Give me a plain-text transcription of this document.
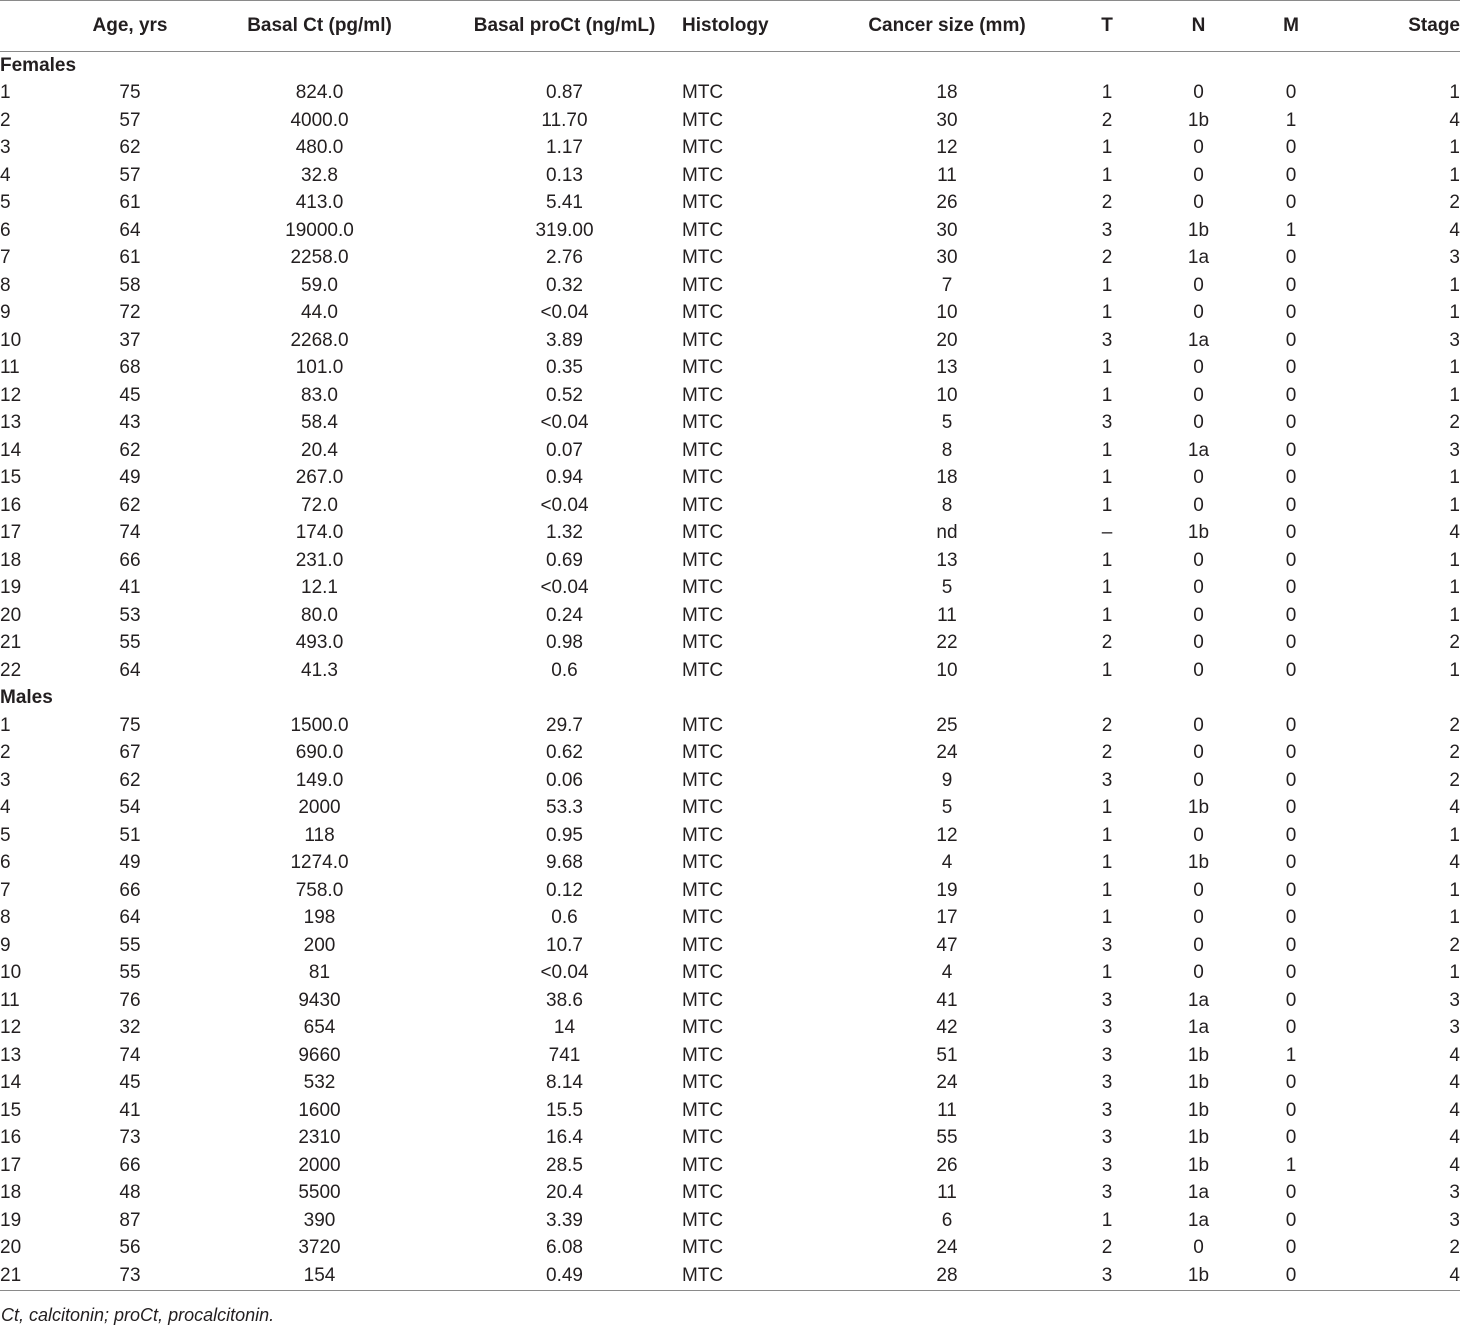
	Age, yrs	Basal Ct (pg/ml)	Basal proCt (ng/mL)	Histology	Cancer size (mm)	T	N	M	Stage
Females									
1	75	824.0	0.87	MTC	18	1	0	0	1
2	57	4000.0	11.70	MTC	30	2	1b	1	4
3	62	480.0	1.17	MTC	12	1	0	0	1
4	57	32.8	0.13	MTC	11	1	0	0	1
5	61	413.0	5.41	MTC	26	2	0	0	2
6	64	19000.0	319.00	MTC	30	3	1b	1	4
7	61	2258.0	2.76	MTC	30	2	1a	0	3
8	58	59.0	0.32	MTC	7	1	0	0	1
9	72	44.0	<0.04	MTC	10	1	0	0	1
10	37	2268.0	3.89	MTC	20	3	1a	0	3
11	68	101.0	0.35	MTC	13	1	0	0	1
12	45	83.0	0.52	MTC	10	1	0	0	1
13	43	58.4	<0.04	MTC	5	3	0	0	2
14	62	20.4	0.07	MTC	8	1	1a	0	3
15	49	267.0	0.94	MTC	18	1	0	0	1
16	62	72.0	<0.04	MTC	8	1	0	0	1
17	74	174.0	1.32	MTC	nd	–	1b	0	4
18	66	231.0	0.69	MTC	13	1	0	0	1
19	41	12.1	<0.04	MTC	5	1	0	0	1
20	53	80.0	0.24	MTC	11	1	0	0	1
21	55	493.0	0.98	MTC	22	2	0	0	2
22	64	41.3	0.6	MTC	10	1	0	0	1
Males									
1	75	1500.0	29.7	MTC	25	2	0	0	2
2	67	690.0	0.62	MTC	24	2	0	0	2
3	62	149.0	0.06	MTC	9	3	0	0	2
4	54	2000	53.3	MTC	5	1	1b	0	4
5	51	118	0.95	MTC	12	1	0	0	1
6	49	1274.0	9.68	MTC	4	1	1b	0	4
7	66	758.0	0.12	MTC	19	1	0	0	1
8	64	198	0.6	MTC	17	1	0	0	1
9	55	200	10.7	MTC	47	3	0	0	2
10	55	81	<0.04	MTC	4	1	0	0	1
11	76	9430	38.6	MTC	41	3	1a	0	3
12	32	654	14	MTC	42	3	1a	0	3
13	74	9660	741	MTC	51	3	1b	1	4
14	45	532	8.14	MTC	24	3	1b	0	4
15	41	1600	15.5	MTC	11	3	1b	0	4
16	73	2310	16.4	MTC	55	3	1b	0	4
17	66	2000	28.5	MTC	26	3	1b	1	4
18	48	5500	20.4	MTC	11	3	1a	0	3
19	87	390	3.39	MTC	6	1	1a	0	3
20	56	3720	6.08	MTC	24	2	0	0	2
21	73	154	0.49	MTC	28	3	1b	0	4
Ct, calcitonin; proCt, procalcitonin.
